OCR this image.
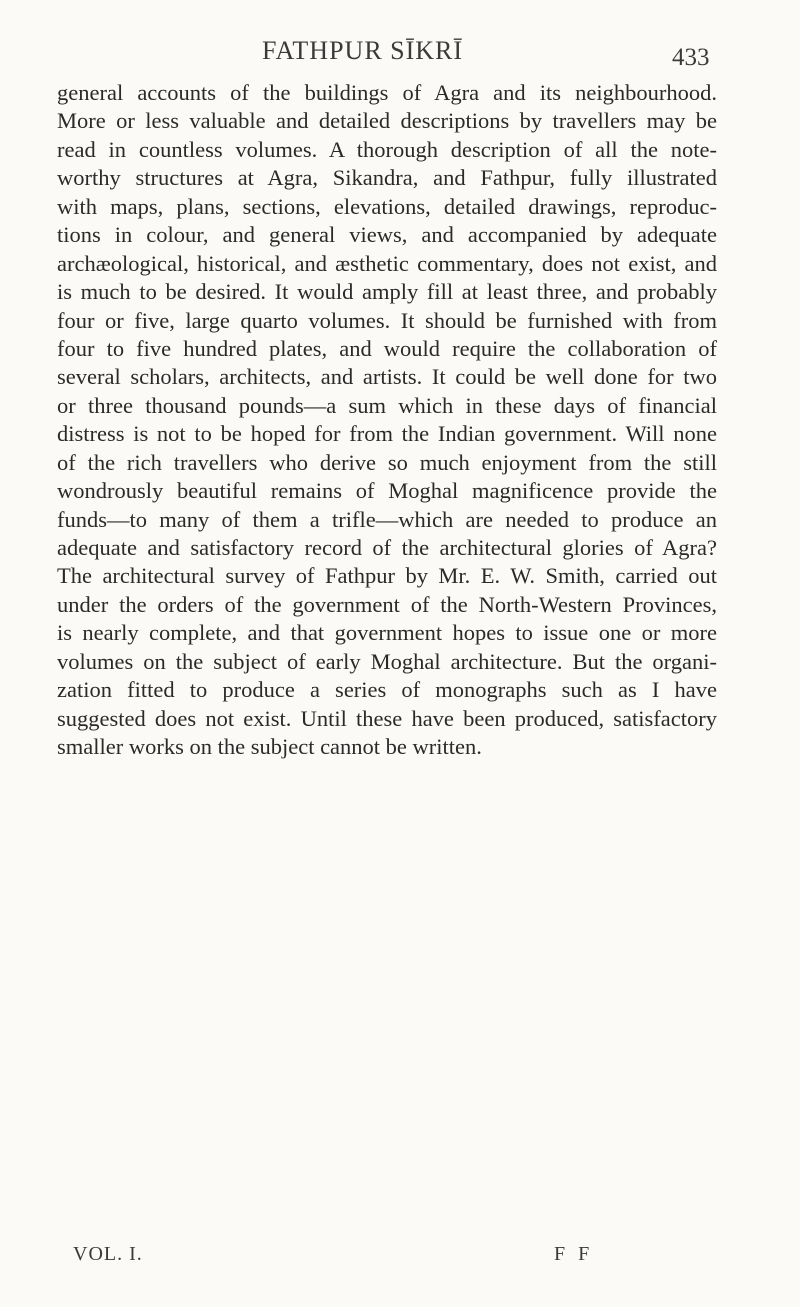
FATHPUR SĪKRĪ	433
general accounts of the buildings of Agra and its neighbourhood.
More or less valuable and detailed descriptions by travellers may be
read in countless volumes. A thorough description of all the note-
worthy structures at Agra, Sikandra, and Fathpur, fully illustrated
with maps, plans, sections, elevations, detailed drawings, reproduc-
tions in colour, and general views, and accompanied by adequate
archæological, historical, and æsthetic commentary, does not exist, and
is much to be desired. It would amply fill at least three, and probably
four or five, large quarto volumes. It should be furnished with from
four to five hundred plates, and would require the collaboration of
several scholars, architects, and artists. It could be well done for two
or three thousand pounds—a sum which in these days of financial
distress is not to be hoped for from the Indian government. Will none
of the rich travellers who derive so much enjoyment from the still
wondrously beautiful remains of Moghal magnificence provide the
funds—to many of them a trifle—which are needed to produce an
adequate and satisfactory record of the architectural glories of Agra?
The architectural survey of Fathpur by Mr. E. W. Smith, carried out
under the orders of the government of the North-Western Provinces,
is nearly complete, and that government hopes to issue one or more
volumes on the subject of early Moghal architecture. But the organi-
zation fitted to produce a series of monographs such as I have
suggested does not exist. Until these have been produced, satisfactory
smaller works on the subject cannot be written.
VOL. I.	F F
